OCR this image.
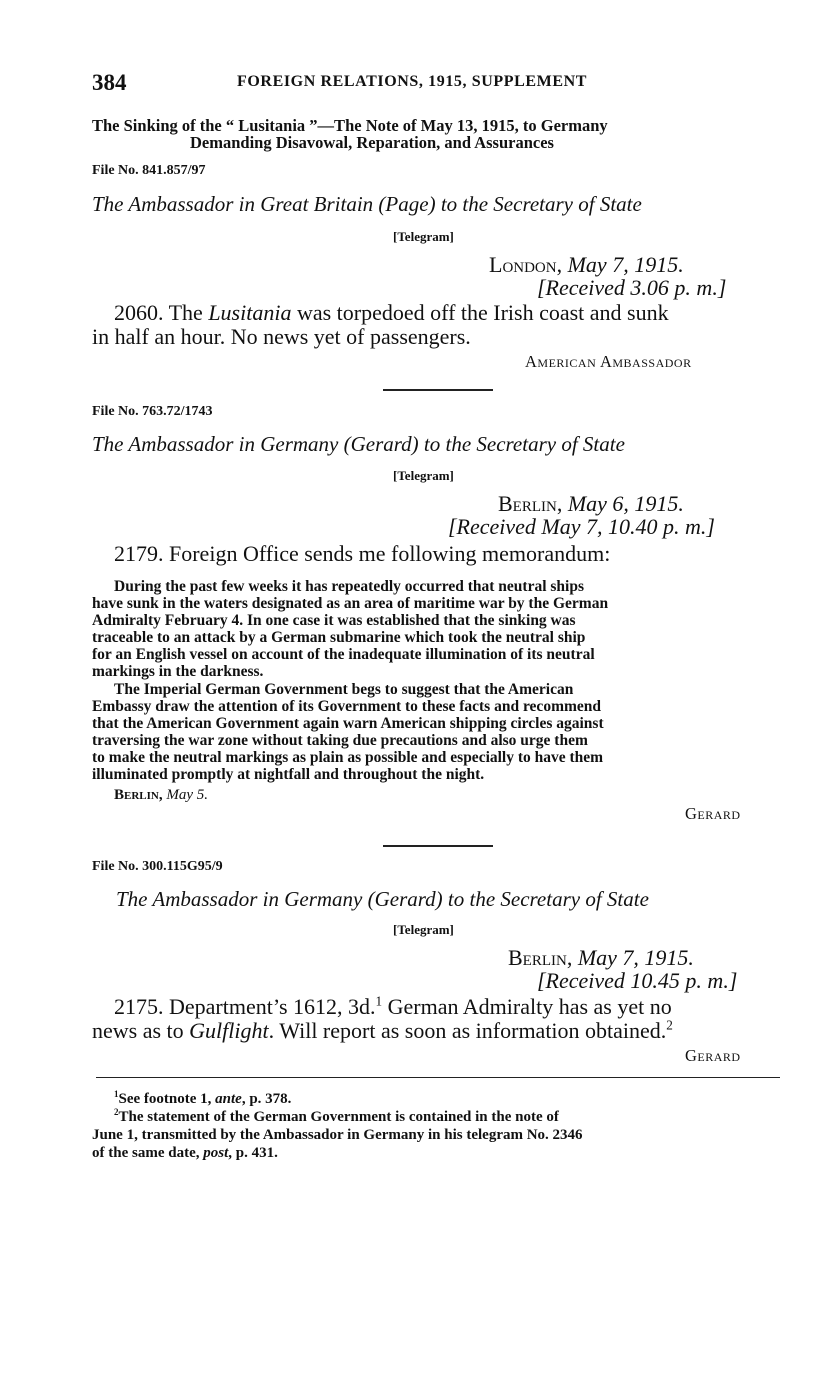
384	FOREIGN RELATIONS, 1915, SUPPLEMENT
The Sinking of the “ Lusitania ”—The Note of May 13, 1915, to Germany
Demanding Disavowal, Reparation, and Assurances
File No. 841.857/97
The Ambassador in Great Britain (Page) to the Secretary of State
[Telegram]
London, May 7, 1915.
[Received 3.06 p. m.]
2060. The Lusitania was torpedoed off the Irish coast and sunk
in half an hour. No news yet of passengers.
American Ambassador
File No. 763.72/1743
The Ambassador in Germany (Gerard) to the Secretary of State
[Telegram]
Berlin, May 6, 1915.
[Received May 7, 10.40 p. m.]
2179. Foreign Office sends me following memorandum:
During the past few weeks it has repeatedly occurred that neutral ships
have sunk in the waters designated as an area of maritime war by the German
Admiralty February 4. In one case it was established that the sinking was
traceable to an attack by a German submarine which took the neutral ship
for an English vessel on account of the inadequate illumination of its neutral
markings in the darkness.
The Imperial German Government begs to suggest that the American
Embassy draw the attention of its Government to these facts and recommend
that the American Government again warn American shipping circles against
traversing the war zone without taking due precautions and also urge them
to make the neutral markings as plain as possible and especially to have them
illuminated promptly at nightfall and throughout the night.
Berlin, May 5.
Gerard
File No. 300.115G95/9
The Ambassador in Germany (Gerard) to the Secretary of State
[Telegram]
Berlin, May 7, 1915.
[Received 10.45 p. m.]
2175. Department’s 1612, 3d.$^1$ German Admiralty has as yet no
news as to Gulflight. Will report as soon as information obtained.$^2$
Gerard
$^1$See footnote 1, ante, p. 378.
$^2$The statement of the German Government is contained in the note of
June 1, transmitted by the Ambassador in Germany in his telegram No. 2346
of the same date, post, p. 431.
